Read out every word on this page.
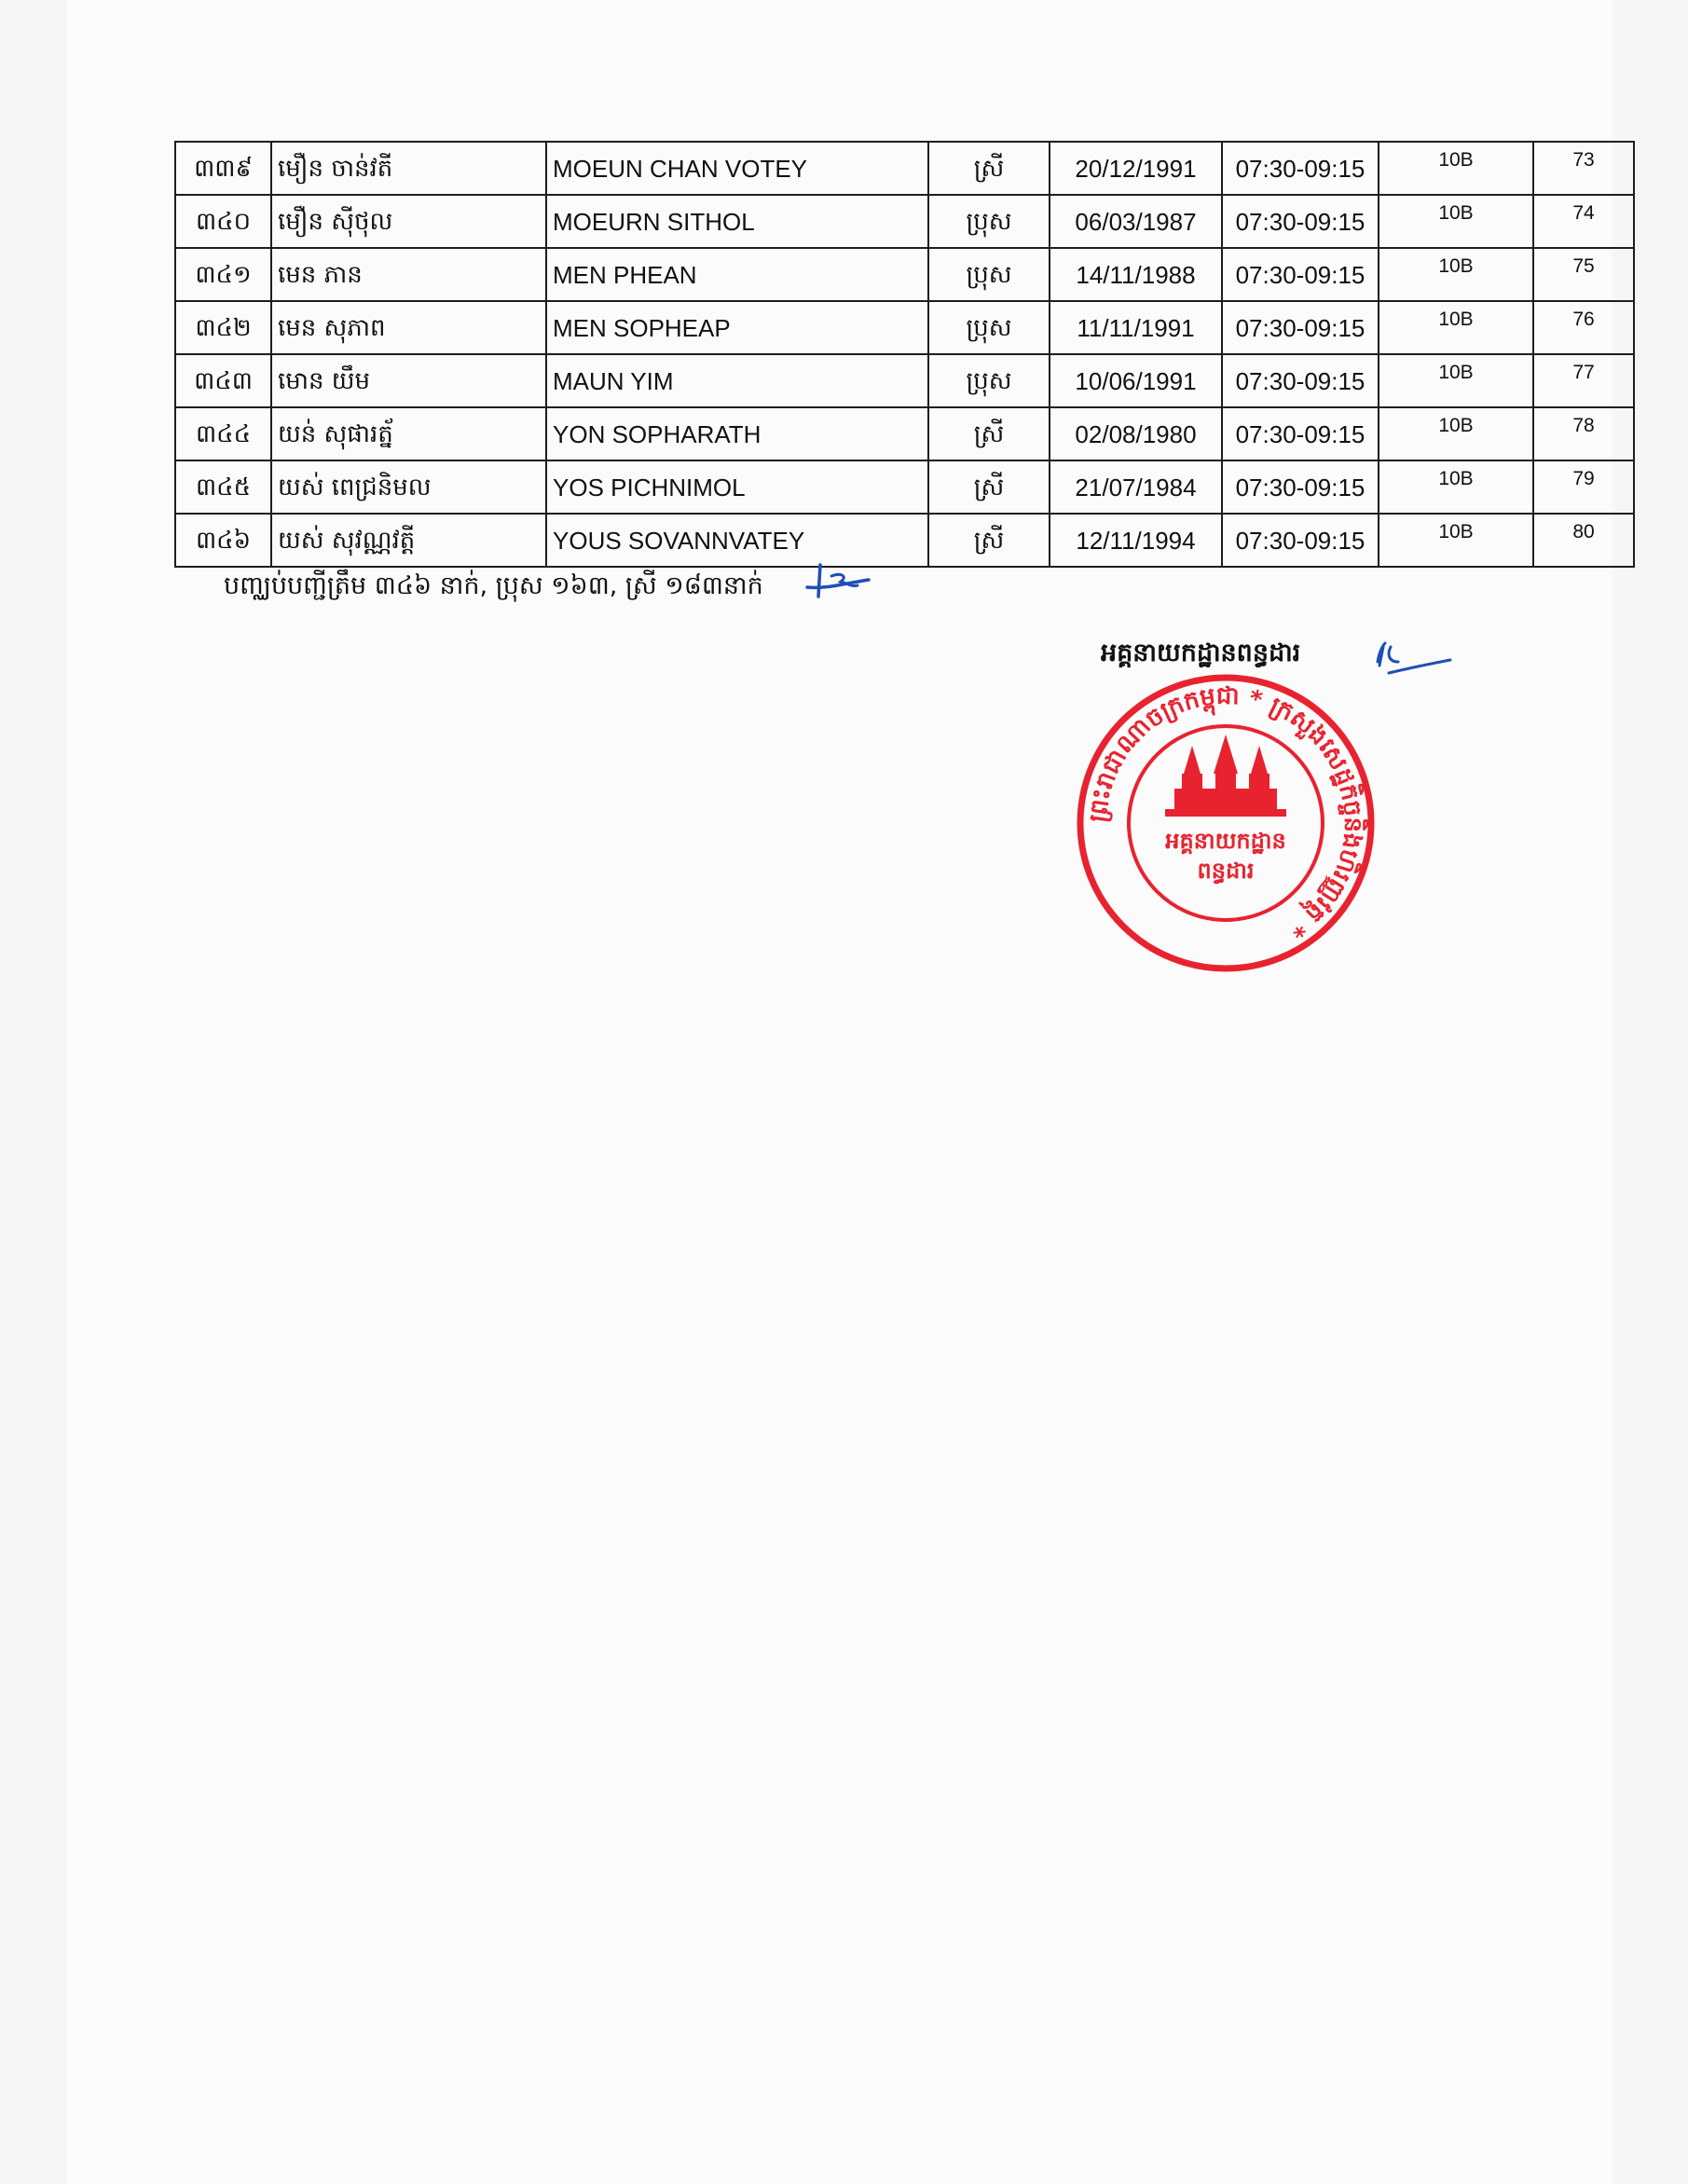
៣៣៩	មឿន ចាន់វតី	MOEUN CHAN VOTEY	ស្រី	20/12/1991	07:30-09:15	10B	73
៣៤០	មឿន ស៊ីថុល	MOEURN SITHOL	ប្រុស	06/03/1987	07:30-09:15	10B	74
៣៤១	មេន ភាន	MEN PHEAN	ប្រុស	14/11/1988	07:30-09:15	10B	75
៣៤២	មេន សុភាព	MEN SOPHEAP	ប្រុស	11/11/1991	07:30-09:15	10B	76
៣៤៣	មោន យឹម	MAUN YIM	ប្រុស	10/06/1991	07:30-09:15	10B	77
៣៤៤	យន់ សុផារត្ន័	YON SOPHARATH	ស្រី	02/08/1980	07:30-09:15	10B	78
៣៤៥	យស់ ពេជ្រនិមល	YOS PICHNIMOL	ស្រី	21/07/1984	07:30-09:15	10B	79
៣៤៦	យស់ សុវណ្ណវត្តី	YOUS SOVANNVATEY	ស្រី	12/11/1994	07:30-09:15	10B	80
បញ្ឈប់បញ្ជីត្រឹម ៣៤៦ នាក់, ប្រុស ១៦៣, ស្រី ១៨៣នាក់
អគ្គនាយកដ្ឋានពន្ធដារ
ព្រះរាជាណាចក្រកម្ពុជា * ក្រសួងសេដ្ឋកិច្ចនិងហិរញ្ញវត្ថុ *
អគ្គនាយកដ្ឋាន
ពន្ធដារ
